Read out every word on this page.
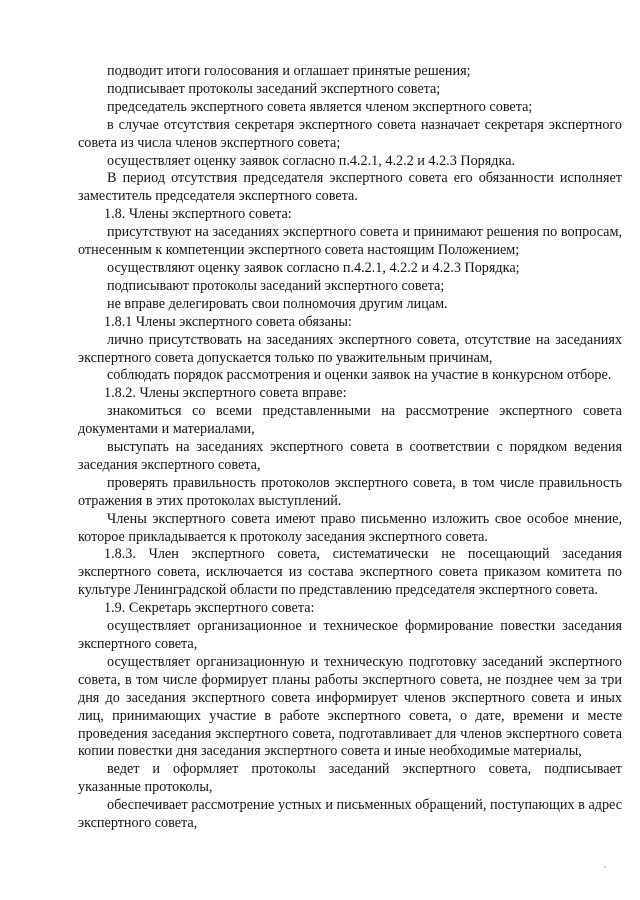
подводит итоги голосования и оглашает принятые решения;

подписывает протоколы заседаний экспертного совета;

председатель экспертного совета является членом экспертного совета;

в случае отсутствия секретаря экспертного совета назначает секретаря экспертного совета из числа членов экспертного совета;

осуществляет оценку заявок согласно п.4.2.1, 4.2.2 и 4.2.3 Порядка.

В период отсутствия председателя экспертного совета его обязанности исполняет заместитель председателя экспертного совета.

1.8. Члены экспертного совета:

присутствуют на заседаниях экспертного совета и принимают решения по вопросам, отнесенным к компетенции экспертного совета настоящим Положением;

осуществляют оценку заявок согласно п.4.2.1, 4.2.2 и 4.2.3 Порядка;

подписывают протоколы заседаний экспертного совета;

не вправе делегировать свои полномочия другим лицам.

1.8.1 Члены экспертного совета обязаны:

лично присутствовать на заседаниях экспертного совета, отсутствие на заседаниях экспертного совета допускается только по уважительным причинам,

соблюдать порядок рассмотрения и оценки заявок на участие в конкурсном отборе.

1.8.2. Члены экспертного совета вправе:

знакомиться со всеми представленными на рассмотрение экспертного совета документами и материалами,

выступать на заседаниях экспертного совета в соответствии с порядком ведения заседания экспертного совета,

проверять правильность протоколов экспертного совета, в том числе правильность отражения в этих протоколах выступлений.

Члены экспертного совета имеют право письменно изложить свое особое мнение, которое прикладывается к протоколу заседания экспертного совета.

1.8.3. Член экспертного совета, систематически не посещающий заседания экспертного совета, исключается из состава экспертного совета приказом комитета по культуре Ленинградской области по представлению председателя экспертного совета.

1.9. Секретарь экспертного совета:

осуществляет организационное и техническое формирование повестки заседания экспертного совета,

осуществляет организационную и техническую подготовку заседаний экспертного совета, в том числе формирует планы работы экспертного совета, не позднее чем за три дня до заседания экспертного совета информирует членов экспертного совета и иных лиц, принимающих участие в работе экспертного совета, о дате, времени и месте проведения заседания экспертного совета, подготавливает для членов экспертного совета копии повестки дня заседания экспертного совета и иные необходимые материалы,

ведет и оформляет протоколы заседаний экспертного совета, подписывает указанные протоколы,

обеспечивает рассмотрение устных и письменных обращений, поступающих в адрес экспертного совета,
